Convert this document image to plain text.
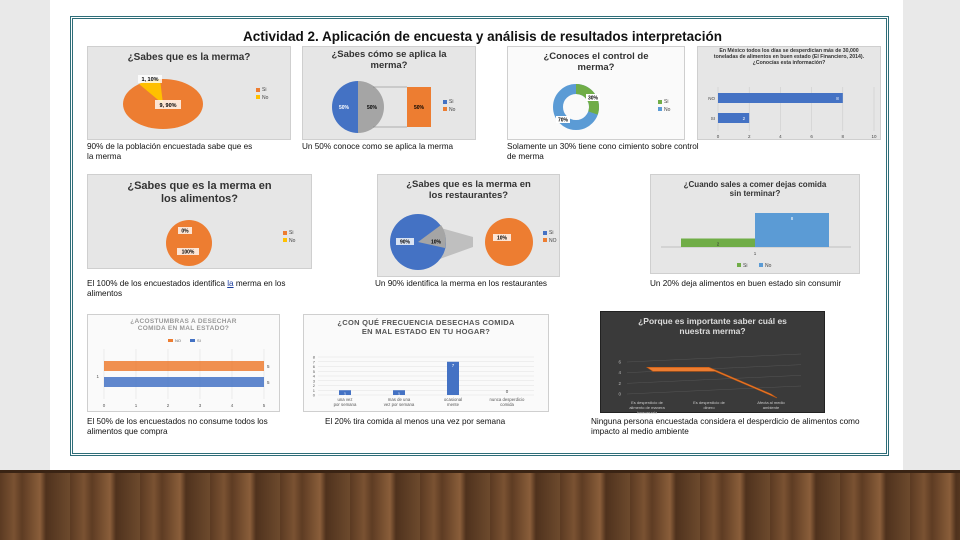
Actividad 2. Aplicación de encuesta y análisis de resultados interpretación
¿Sabes que es la merma?
1, 10%
9, 90%
Si
No
90% de la población encuestada sabe que es la merma
¿Sabes cómo se aplica la merma?
50%	50%	50%
Si
No
Un 50% conoce como se aplica la merma
¿Conoces el control de merma?
30%
70%
Si
No
Solamente un 30% tiene cono cimiento sobre control de merma
En México todos los días se desperdician más de 30,000 toneladas de alimentos en buen estado (El Financiero, 2014). ¿Conocías esta información?
0	2	4	6	8	10
NO	8
SI	2
¿Sabes que es la merma en los alimentos?
0%
100%
Si
No
El 100% de los encuestados identifica la merma en los alimentos
¿Sabes que es la merma en los restaurantes?
90%	10%
10%
Si
NO
Un 90% identifica la merma en los restaurantes
¿Cuando sales a comer dejas comida sin terminar?
2
8
1
Si	No
Un 20% deja alimentos en buen estado sin consumir
¿ACOSTUMBRAS A DESECHAR COMIDA EN MAL ESTADO?
NO	SI
0	1	2	3	4	5
5
5
1
El 50% de los encuestados no consume todos los alimentos que compra
¿CON QUÉ FRECUENCIA DESECHAS COMIDA EN MAL ESTADO EN TU HOGAR?
0
1
2
3
4
5
6
7
8
1
una vez
por semana
1
mas de una
vez por semana
7
ocasional
mente
0
nunca desperdicio
comida
El 20% tira comida al menos una vez por semana
¿Porque es importante saber cuál es nuestra merma?
0
2
4
6
Es desperdicio de
alimento de manera
innecesaria
Es desperdicio de
dinero
Afecta al medio
ambiente
Ninguna persona encuestada considera el desperdicio de alimentos como impacto al medio ambiente
